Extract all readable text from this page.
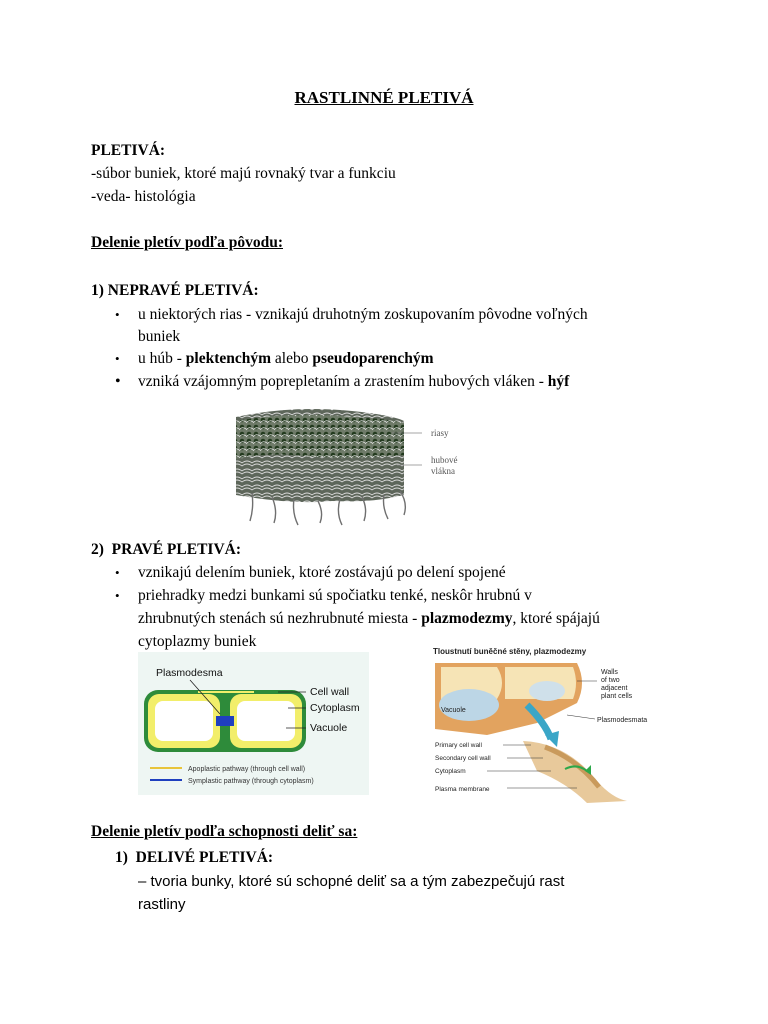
RASTLINNÉ PLETIVÁ
PLETIVÁ:
-súbor buniek, ktoré majú rovnaký tvar a funkciu
-veda- histológia
Delenie pletív podľa pôvodu:
1) NEPRAVÉ PLETIVÁ:
• u niektorých rias - vznikajú druhotným zoskupovaním pôvodne voľných
buniek
• u húb - plektenchým alebo pseudoparenchým
• vzniká vzájomným poprepletaním a zrastením hubových vláken - hýf
riasy
hubové
vlákna
2) PRAVÉ PLETIVÁ:
• vznikajú delením buniek, ktoré zostávajú po delení spojené
• priehradky medzi bunkami sú spočiatku tenké, neskôr hrubnú v
zhrubnutých stenách sú nezhrubnuté miesta - plazmodezmy, ktoré spájajú
cytoplazmy buniek
Plasmodesma
Cell wall
Cytoplasm
Vacuole
Apoplastic pathway (through cell wall)
Symplastic pathway (through cytoplasm)
Tloustnutí buněčné stěny, plazmodezmy
Vacuole
Walls
of two
adjacent
plant cells
Plasmodesmata
Primary cell wall
Secondary cell wall
Cytoplasm
Plasma membrane
Delenie pletív podľa schopnosti deliť sa:
1) DELIVÉ PLETIVÁ:
– tvoria bunky, ktoré sú schopné deliť sa a tým zabezpečujú rast
rastliny
